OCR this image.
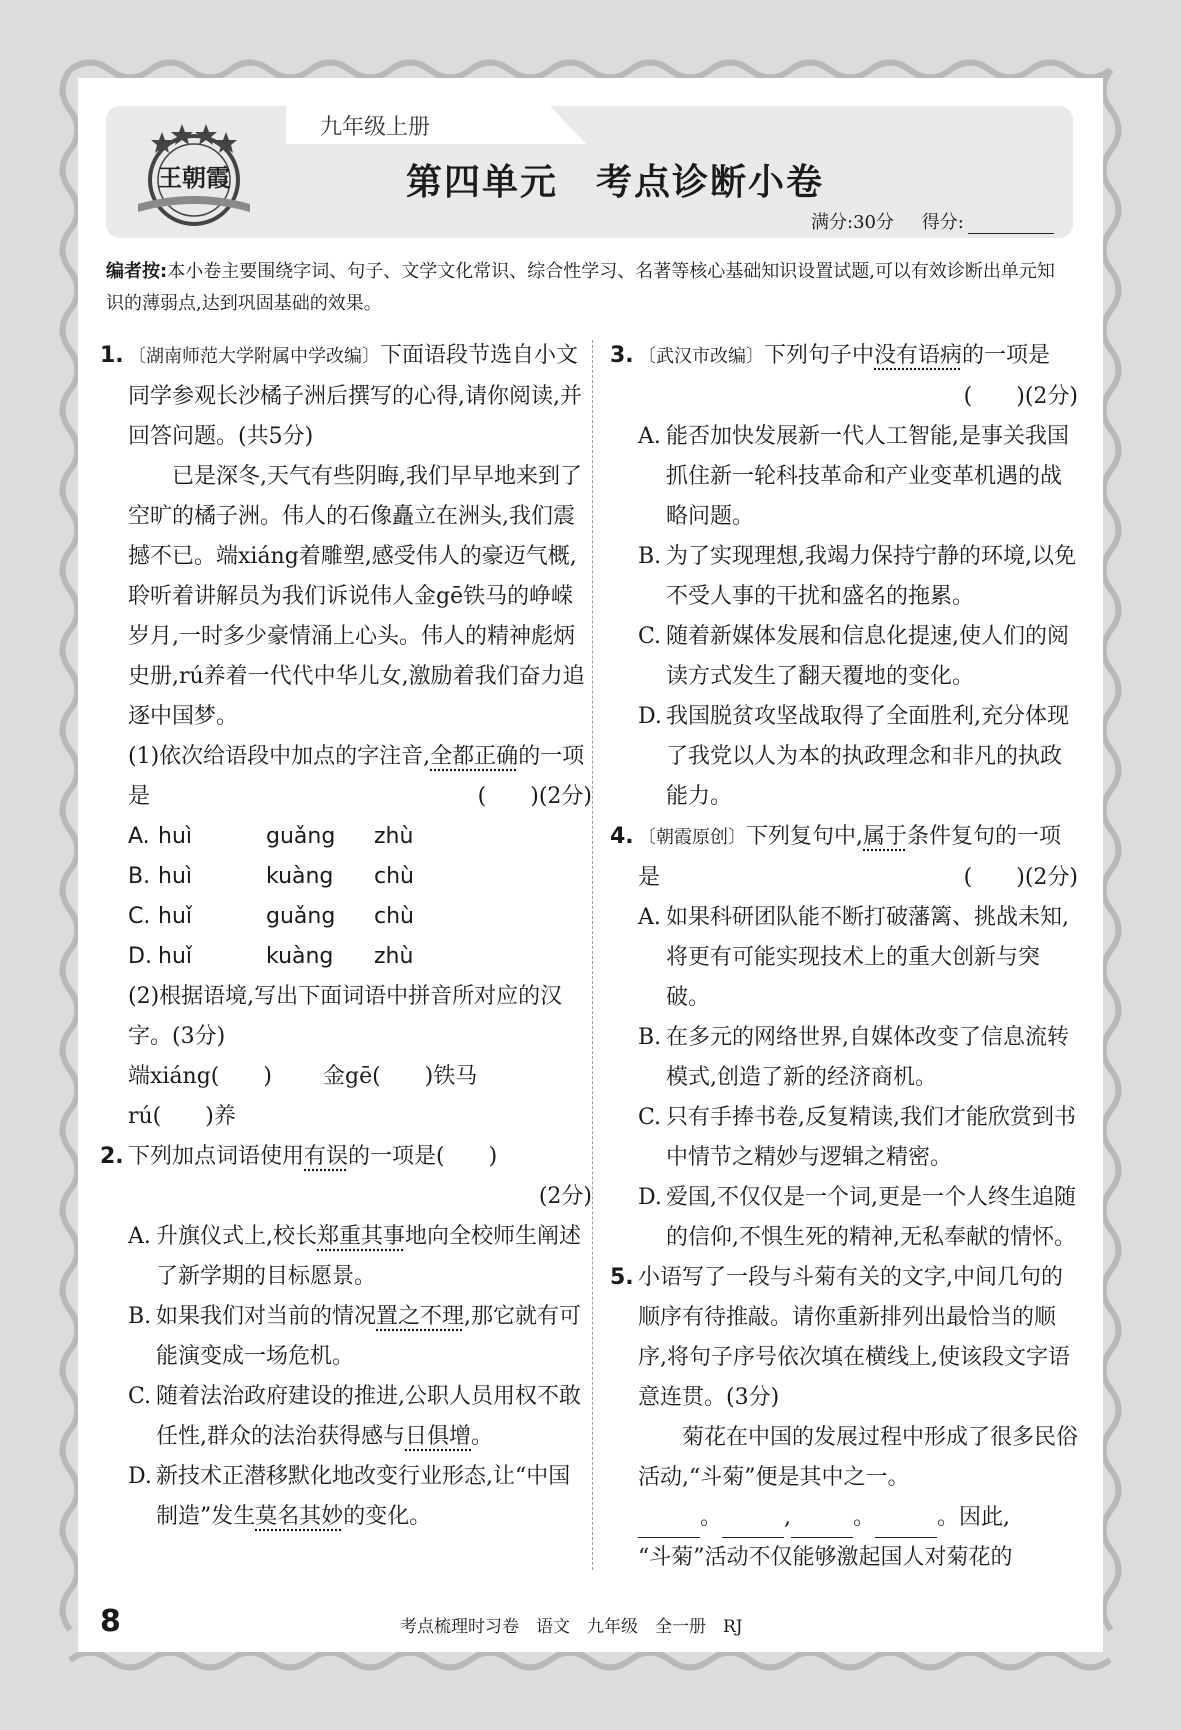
九年级上册
王朝霞	第四单元　考点诊断小卷
满分:30分 得分:
编者按:本小卷主要围绕字词、句子、文学文化常识、综合性学习、名著等核心基础知识设置试题,可以有效诊断出单元知识的薄弱点,达到巩固基础的效果。
1. 〔湖南师范大学附属中学改编〕下面语段节选自小文同学参观长沙橘子洲后撰写的心得,请你阅读,并回答问题。(共5分)
已是深冬,天气有些阴晦,我们早早地来到了空旷的橘子洲。伟人的石像矗立在洲头,我们震撼不已。端xiáng着雕塑,感受伟人的豪迈气概,聆听着讲解员为我们诉说伟人金gē铁马的峥嵘岁月,一时多少豪情涌上心头。伟人的精神彪炳史册,rú养着一代代中华儿女,激励着我们奋力追逐中国梦。
(1)依次给语段中加点的字注音,全都正确的一项是	(　　)(2分)
A. huì	guǎng	zhù
B. huì	kuàng	chù
C. huǐ	guǎng	chù
D. huǐ	kuàng	zhù
(2)根据语境,写出下面词语中拼音所对应的汉字。(3分)
端xiáng(　　) 金gē(　　)铁马
rú(　　)养
2. 下列加点词语使用有误的一项是(　　)
(2分)
A. 升旗仪式上,校长郑重其事地向全校师生阐述了新学期的目标愿景。
B. 如果我们对当前的情况置之不理,那它就有可能演变成一场危机。
C. 随着法治政府建设的推进,公职人员用权不敢任性,群众的法治获得感与日俱增。
D. 新技术正潜移默化地改变行业形态,让“中国制造”发生莫名其妙的变化。
3. 〔武汉市改编〕下列句子中没有语病的一项是
(　　)(2分)
A. 能否加快发展新一代人工智能,是事关我国抓住新一轮科技革命和产业变革机遇的战略问题。
B. 为了实现理想,我竭力保持宁静的环境,以免不受人事的干扰和盛名的拖累。
C. 随着新媒体发展和信息化提速,使人们的阅读方式发生了翻天覆地的变化。
D. 我国脱贫攻坚战取得了全面胜利,充分体现了我党以人为本的执政理念和非凡的执政能力。
4. 〔朝霞原创〕下列复句中,属于条件复句的一项是	(　　)(2分)
A. 如果科研团队能不断打破藩篱、挑战未知,将更有可能实现技术上的重大创新与突破。
B. 在多元的网络世界,自媒体改变了信息流转模式,创造了新的经济商机。
C. 只有手捧书卷,反复精读,我们才能欣赏到书中情节之精妙与逻辑之精密。
D. 爱国,不仅仅是一个词,更是一个人终生追随的信仰,不惧生死的精神,无私奉献的情怀。
5. 小语写了一段与斗菊有关的文字,中间几句的顺序有待推敲。请你重新排列出最恰当的顺序,将句子序号依次填在横线上,使该段文字语意连贯。(3分)
菊花在中国的发展过程中形成了很多民俗活动,“斗菊”便是其中之一。
。	,	。	。因此,
“斗菊”活动不仅能够激起国人对菊花的
8	考点梳理时习卷　语文　九年级　全一册　RJ
